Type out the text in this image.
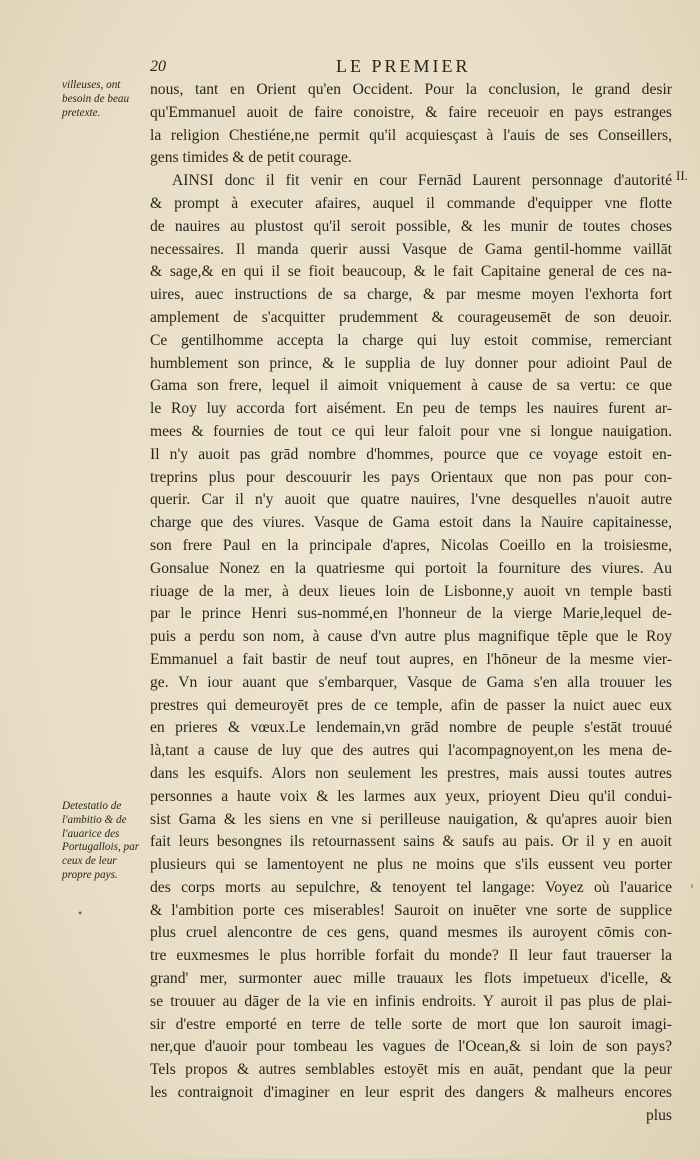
20	LE PREMIER
villeuses, ont besoin de beau pretexte.
Detestatio de l'ambitio & de l'auarice des Portugallois, par ceux de leur propre pays.
II.
›
•
nous, tant en Orient qu'en Occident. Pour la conclusion, le grand desir
qu'Emmanuel auoit de faire conoistre, & faire receuoir en pays estranges
la religion Chestiéne,ne permit qu'il acquiesçast à l'auis de ses Conseillers,
gens timides & de petit courage.
AINSI donc il fit venir en cour Fernād Laurent personnage d'autorité
& prompt à executer afaires, auquel il commande d'equipper vne flotte
de nauires au plustost qu'il seroit possible, & les munir de toutes choses
necessaires. Il manda querir aussi Vasque de Gama gentil-homme vaillāt
& sage,& en qui il se fioit beaucoup, & le fait Capitaine general de ces na-
uires, auec instructions de sa charge, & par mesme moyen l'exhorta fort
amplement de s'acquitter prudemment & courageusemēt de son deuoir.
Ce gentilhomme accepta la charge qui luy estoit commise, remerciant
humblement son prince, & le supplia de luy donner pour adioint Paul de
Gama son frere, lequel il aimoit vniquement à cause de sa vertu: ce que
le Roy luy accorda fort aisément. En peu de temps les nauires furent ar-
mees & fournies de tout ce qui leur faloit pour vne si longue nauigation.
Il n'y auoit pas grād nombre d'hommes, pource que ce voyage estoit en-
treprins plus pour descouurir les pays Orientaux que non pas pour con-
querir. Car il n'y auoit que quatre nauires, l'vne desquelles n'auoit autre
charge que des viures. Vasque de Gama estoit dans la Nauire capitainesse,
son frere Paul en la principale d'apres, Nicolas Coeillo en la troisiesme,
Gonsalue Nonez en la quatriesme qui portoit la fourniture des viures. Au
riuage de la mer, à deux lieues loin de Lisbonne,y auoit vn temple basti
par le prince Henri sus-nommé,en l'honneur de la vierge Marie,lequel de-
puis a perdu son nom, à cause d'vn autre plus magnifique tēple que le Roy
Emmanuel a fait bastir de neuf tout aupres, en l'hōneur de la mesme vier-
ge. Vn iour auant que s'embarquer, Vasque de Gama s'en alla trouuer les
prestres qui demeuroyēt pres de ce temple, afin de passer la nuict auec eux
en prieres & vœux.Le lendemain,vn grād nombre de peuple s'estāt trouué
là,tant a cause de luy que des autres qui l'acompagnoyent,on les mena de-
dans les esquifs. Alors non seulement les prestres, mais aussi toutes autres
personnes a haute voix & les larmes aux yeux, prioyent Dieu qu'il condui-
sist Gama & les siens en vne si perilleuse nauigation, & qu'apres auoir bien
fait leurs besongnes ils retournassent sains & saufs au pais. Or il y en auoit
plusieurs qui se lamentoyent ne plus ne moins que s'ils eussent veu porter
des corps morts au sepulchre, & tenoyent tel langage: Voyez où l'auarice
& l'ambition porte ces miserables! Sauroit on inuēter vne sorte de supplice
plus cruel alencontre de ces gens, quand mesmes ils auroyent cōmis con-
tre euxmesmes le plus horrible forfait du monde? Il leur faut trauerser la
grand' mer, surmonter auec mille trauaux les flots impetueux d'icelle, &
se trouuer au dāger de la vie en infinis endroits. Y auroit il pas plus de plai-
sir d'estre emporté en terre de telle sorte de mort que lon sauroit imagi-
ner,que d'auoir pour tombeau les vagues de l'Ocean,& si loin de son pays?
Tels propos & autres semblables estoyēt mis en auāt, pendant que la peur
les contraignoit d'imaginer en leur esprit des dangers & malheurs encores
plus
